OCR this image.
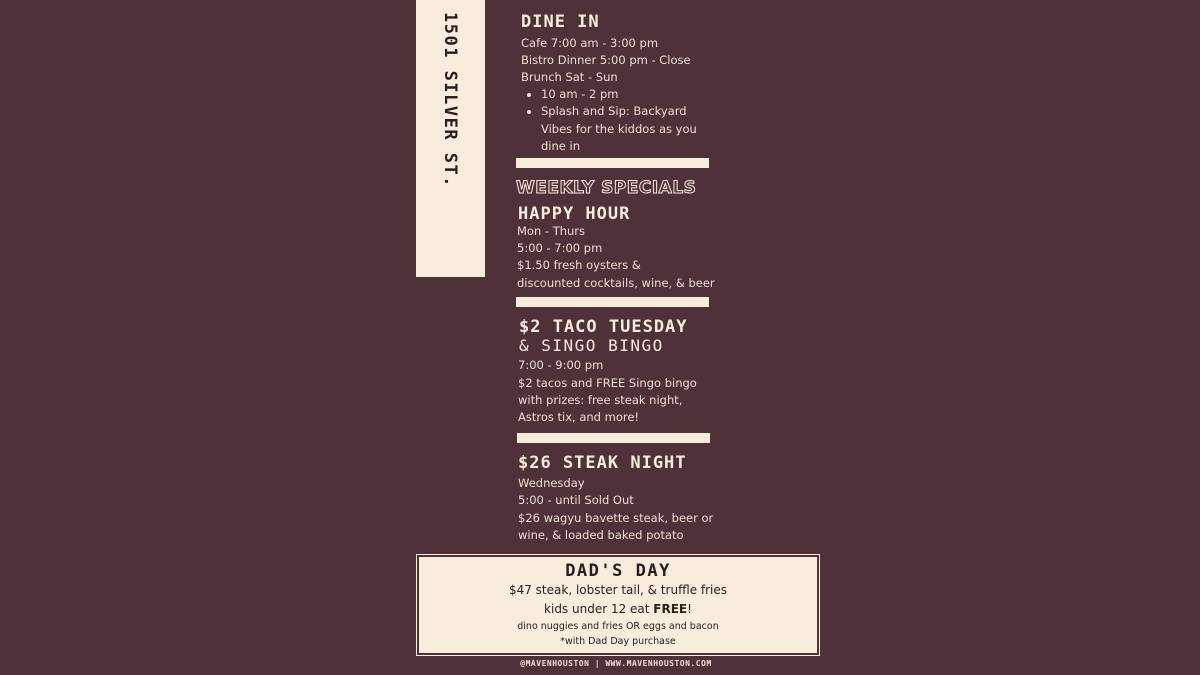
1501 SILVER ST.	DINE IN
Cafe 7:00 am - 3:00 pm
Bistro Dinner 5:00 pm - Close
Brunch Sat - Sun
• 10 am - 2 pm
• Splash and Sip: Backyard
Vibes for the kiddos as you
dine in
WEEKLY SPECIALS
HAPPY HOUR
Mon - Thurs
5:00 - 7:00 pm
$1.50 fresh oysters &
discounted cocktails, wine, & beer
$2 TACO TUESDAY
& SINGO BINGO
7:00 - 9:00 pm
$2 tacos and FREE Singo bingo
with prizes: free steak night,
Astros tix, and more!
$26 STEAK NIGHT
Wednesday
5:00 - until Sold Out
$26 wagyu bavette steak, beer or
wine, & loaded baked potato
DAD'S DAY
$47 steak, lobster tail, & truffle fries
kids under 12 eat FREE!
dino nuggies and fries OR eggs and bacon
*with Dad Day purchase
@MAVENHOUSTON | WWW.MAVENHOUSTON.COM
